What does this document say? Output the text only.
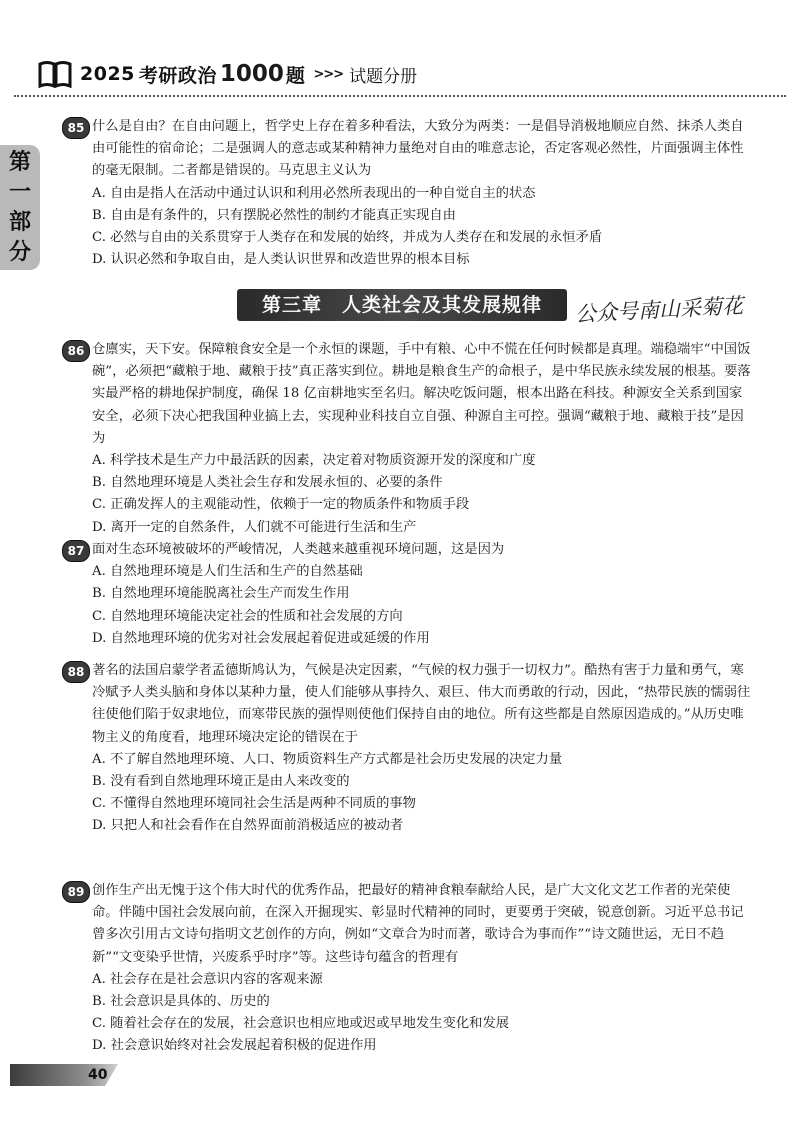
2025 考研政治 1000 题 >>> 试题分册
第
一
部
分
85 什么是自由？在自由问题上，哲学史上存在着多种看法，大致分为两类：一是倡导消极地顺应自然、抹杀人类自由可能性的宿命论；二是强调人的意志或某种精神力量绝对自由的唯意志论，否定客观必然性，片面强调主体性的毫无限制。二者都是错误的。马克思主义认为

A. 自由是指人在活动中通过认识和利用必然所表现出的一种自觉自主的状态

B. 自由是有条件的，只有摆脱必然性的制约才能真正实现自由

C. 必然与自由的关系贯穿于人类存在和发展的始终，并成为人类存在和发展的永恒矛盾

D. 认识必然和争取自由，是人类认识世界和改造世界的根本目标

第三章　人类社会及其发展规律	公众号南山采菊花
86 仓廪实，天下安。保障粮食安全是一个永恒的课题，手中有粮、心中不慌在任何时候都是真理。端稳端牢“中国饭碗”，必须把“藏粮于地、藏粮于技”真正落实到位。耕地是粮食生产的命根子，是中华民族永续发展的根基。要落实最严格的耕地保护制度，确保 18 亿亩耕地实至名归。解决吃饭问题，根本出路在科技。种源安全关系到国家安全，必须下决心把我国种业搞上去，实现种业科技自立自强、种源自主可控。强调“藏粮于地、藏粮于技”是因为

A. 科学技术是生产力中最活跃的因素，决定着对物质资源开发的深度和广度

B. 自然地理环境是人类社会生存和发展永恒的、必要的条件

C. 正确发挥人的主观能动性，依赖于一定的物质条件和物质手段

D. 离开一定的自然条件，人们就不可能进行生活和生产

87 面对生态环境被破坏的严峻情况，人类越来越重视环境问题，这是因为

A. 自然地理环境是人们生活和生产的自然基础

B. 自然地理环境能脱离社会生产而发生作用

C. 自然地理环境能决定社会的性质和社会发展的方向

D. 自然地理环境的优劣对社会发展起着促进或延缓的作用

88 著名的法国启蒙学者孟德斯鸠认为，气候是决定因素，“气候的权力强于一切权力”。酷热有害于力量和勇气，寒冷赋予人类头脑和身体以某种力量，使人们能够从事持久、艰巨、伟大而勇敢的行动，因此，“热带民族的懦弱往往使他们陷于奴隶地位，而寒带民族的强悍则使他们保持自由的地位。所有这些都是自然原因造成的。”从历史唯物主义的角度看，地理环境决定论的错误在于

A. 不了解自然地理环境、人口、物质资料生产方式都是社会历史发展的决定力量

B. 没有看到自然地理环境正是由人来改变的

C. 不懂得自然地理环境同社会生活是两种不同质的事物

D. 只把人和社会看作在自然界面前消极适应的被动者

89 创作生产出无愧于这个伟大时代的优秀作品，把最好的精神食粮奉献给人民，是广大文化文艺工作者的光荣使命。伴随中国社会发展向前，在深入开掘现实、彰显时代精神的同时，更要勇于突破，锐意创新。习近平总书记曾多次引用古文诗句指明文艺创作的方向，例如“文章合为时而著，歌诗合为事而作”“诗文随世运，无日不趋新”“文变染乎世情，兴废系乎时序”等。这些诗句蕴含的哲理有

A. 社会存在是社会意识内容的客观来源

B. 社会意识是具体的、历史的

C. 随着社会存在的发展，社会意识也相应地或迟或早地发生变化和发展

D. 社会意识始终对社会发展起着积极的促进作用

40
